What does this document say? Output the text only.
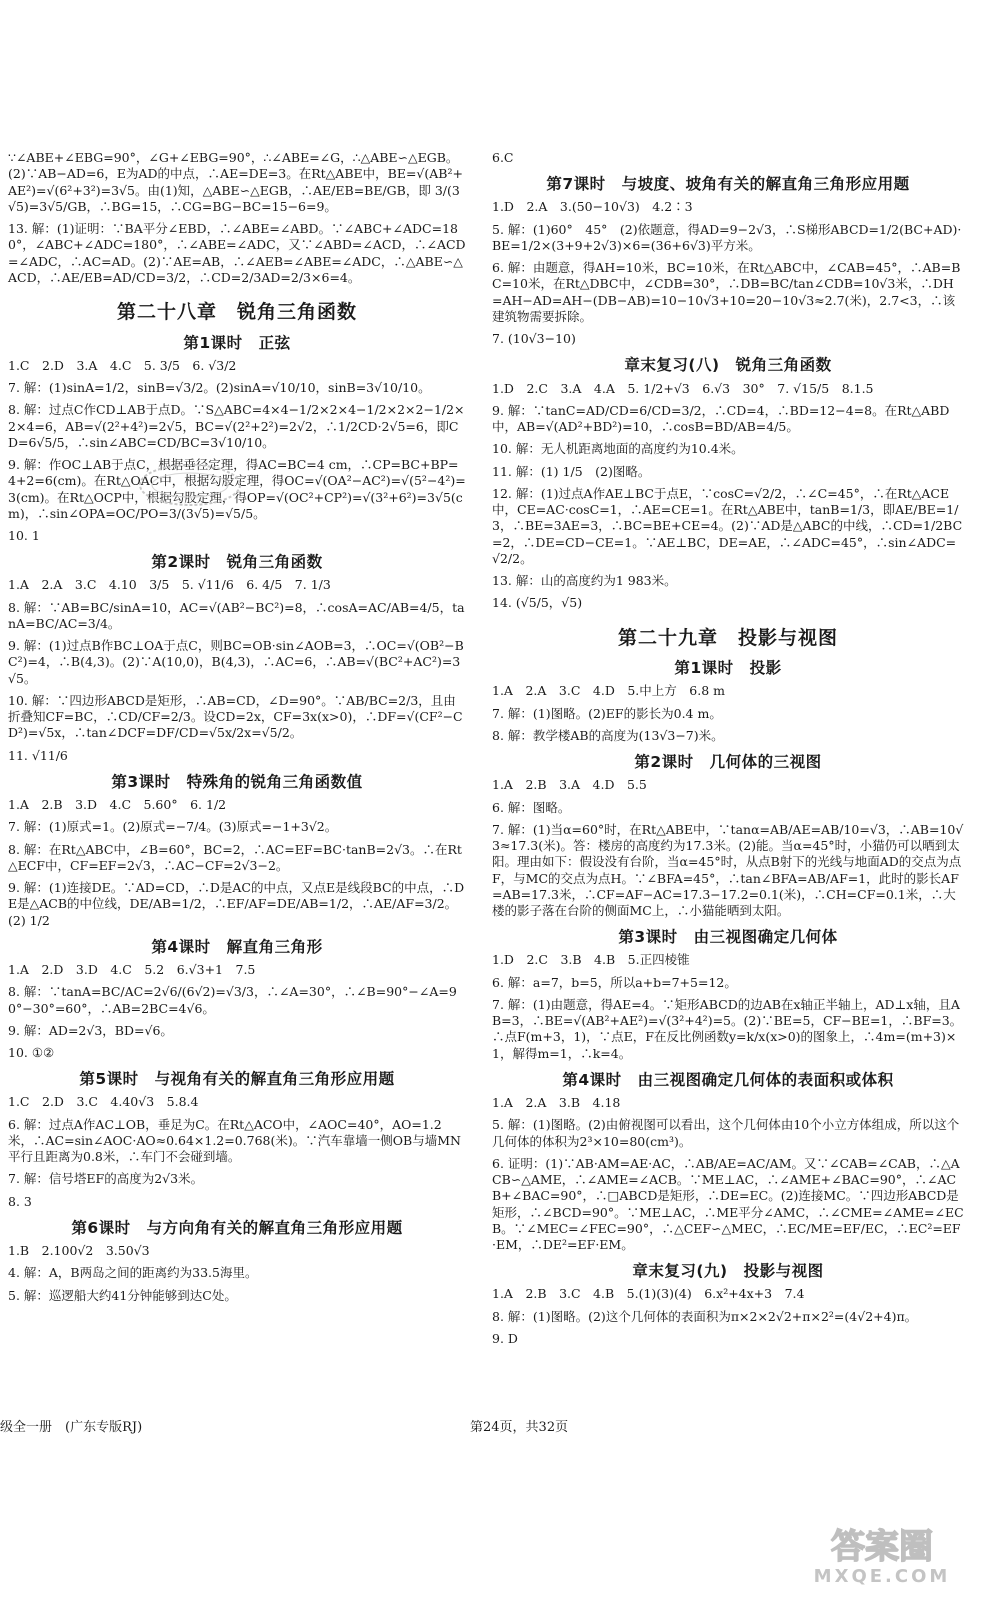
∵∠ABE+∠EBG=90°，∠G+∠EBG=90°，∴∠ABE=∠G，∴△ABE∽△EGB。(2)∵AB−AD=6，E为AD的中点，∴AE=DE=3。在Rt△ABE中，BE=√(AB²+AE²)=√(6²+3²)=3√5。由(1)知，△ABE∽△EGB，∴AE/EB=BE/GB，即 3/(3√5)=3√5/GB，∴BG=15，∴CG=BG−BC=15−6=9。
13. 解：(1)证明：∵BA平分∠EBD，∴∠ABE=∠ABD。∵∠ABC+∠ADC=180°，∠ABC+∠ADC=180°，∴∠ABE=∠ADC，又∵∠ABD=∠ACD，∴∠ACD=∠ADC，∴AC=AD。(2)∵AE=AB，∴∠AEB=∠ABE=∠ADC，∴△ABE∽△ACD，∴AE/EB=AD/CD=3/2，∴CD=2/3AD=2/3×6=4。
第二十八章　锐角三角函数
第1课时　正弦
1.C　2.D　3.A　4.C　5. 3/5　6. √3/2
7. 解：(1)sinA=1/2，sinB=√3/2。(2)sinA=√10/10，sinB=3√10/10。
8. 解：过点C作CD⊥AB于点D。∵S△ABC=4×4−1/2×2×4−1/2×2×2−1/2×2×4=6，AB=√(2²+4²)=2√5，BC=√(2²+2²)=2√2，∴1/2CD·2√5=6，即CD=6√5/5，∴sin∠ABC=CD/BC=3√10/10。
9. 解：作OC⊥AB于点C，根据垂径定理，得AC=BC=4 cm，∴CP=BC+BP=4+2=6(cm)。在Rt△OAC中，根据勾股定理，得OC=√(OA²−AC²)=√(5²−4²)=3(cm)。在Rt△OCP中，根据勾股定理，得OP=√(OC²+CP²)=√(3²+6²)=3√5(cm)，∴sin∠OPA=OC/PO=3/(3√5)=√5/5。
10. 1
第2课时　锐角三角函数
1.A　2.A　3.C　4.10　3/5　5. √11/6　6. 4/5　7. 1/3
8. 解：∵AB=BC/sinA=10，AC=√(AB²−BC²)=8，∴cosA=AC/AB=4/5，tanA=BC/AC=3/4。
9. 解：(1)过点B作BC⊥OA于点C，则BC=OB·sin∠AOB=3，∴OC=√(OB²−BC²)=4，∴B(4,3)。(2)∵A(10,0)，B(4,3)，∴AC=6，∴AB=√(BC²+AC²)=3√5。
10. 解：∵四边形ABCD是矩形，∴AB=CD，∠D=90°。∵AB/BC=2/3，且由折叠知CF=BC，∴CD/CF=2/3。设CD=2x，CF=3x(x>0)，∴DF=√(CF²−CD²)=√5x，∴tan∠DCF=DF/CD=√5x/2x=√5/2。
11. √11/6
第3课时　特殊角的锐角三角函数值
1.A　2.B　3.D　4.C　5.60°　6. 1/2
7. 解：(1)原式=1。(2)原式=−7/4。(3)原式=−1+3√2。
8. 解：在Rt△ABC中，∠B=60°，BC=2，∴AC=EF=BC·tanB=2√3。∴在Rt△ECF中，CF=EF=2√3，∴AC−CF=2√3−2。
9. 解：(1)连接DE。∵AD=CD，∴D是AC的中点，又点E是线段BC的中点，∴DE是△ACB的中位线，DE/AB=1/2，∴EF/AF=DE/AB=1/2，∴AE/AF=3/2。(2) 1/2
第4课时　解直角三角形
1.A　2.D　3.D　4.C　5.2　6.√3+1　7.5
8. 解：∵tanA=BC/AC=2√6/(6√2)=√3/3，∴∠A=30°，∴∠B=90°−∠A=90°−30°=60°，∴AB=2BC=4√6。
9. 解：AD=2√3，BD=√6。
10. ①②
第5课时　与视角有关的解直角三角形应用题
1.C　2.D　3.C　4.40√3　5.8.4
6. 解：过点A作AC⊥OB，垂足为C。在Rt△ACO中，∠AOC=40°，AO=1.2米，∴AC=sin∠AOC·AO≈0.64×1.2=0.768(米)。∵汽车靠墙一侧OB与墙MN平行且距离为0.8米，∴车门不会碰到墙。
7. 解：信号塔EF的高度为2√3米。
8. 3
第6课时　与方向角有关的解直角三角形应用题
1.B　2.100√2　3.50√3
4. 解：A，B两岛之间的距离约为33.5海里。
5. 解：巡逻船大约41分钟能够到达C处。
6.C
第7课时　与坡度、坡角有关的解直角三角形应用题
1.D　2.A　3.(50−10√3)　4.2∶3
5. 解：(1)60°　45°　(2)依题意，得AD=9−2√3，∴S梯形ABCD=1/2(BC+AD)·BE=1/2×(3+9+2√3)×6=(36+6√3)平方米。
6. 解：由题意，得AH=10米，BC=10米，在Rt△ABC中，∠CAB=45°，∴AB=BC=10米，在Rt△DBC中，∠CDB=30°，∴DB=BC/tan∠CDB=10√3米，∴DH=AH−AD=AH−(DB−AB)=10−10√3+10=20−10√3≈2.7(米)，2.7<3，∴该建筑物需要拆除。
7. (10√3−10)
章末复习(八)　锐角三角函数
1.D　2.C　3.A　4.A　5. 1/2+√3　6.√3　30°　7. √15/5　8.1.5
9. 解：∵tanC=AD/CD=6/CD=3/2，∴CD=4，∴BD=12−4=8。在Rt△ABD中，AB=√(AD²+BD²)=10，∴cosB=BD/AB=4/5。
10. 解：无人机距离地面的高度约为10.4米。
11. 解：(1) 1/5　(2)图略。
12. 解：(1)过点A作AE⊥BC于点E，∵cosC=√2/2，∴∠C=45°，∴在Rt△ACE中，CE=AC·cosC=1，∴AE=CE=1。在Rt△ABE中，tanB=1/3，即AE/BE=1/3，∴BE=3AE=3，∴BC=BE+CE=4。(2)∵AD是△ABC的中线，∴CD=1/2BC=2，∴DE=CD−CE=1。∵AE⊥BC，DE=AE，∴∠ADC=45°，∴sin∠ADC=√2/2。
13. 解：山的高度约为1 983米。
14. (√5/5，√5)
第二十九章　投影与视图
第1课时　投影
1.A　2.A　3.C　4.D　5.中上方　6.8 m
7. 解：(1)图略。(2)EF的影长为0.4 m。
8. 解：教学楼AB的高度为(13√3−7)米。
第2课时　几何体的三视图
1.A　2.B　3.A　4.D　5.5
6. 解：图略。
7. 解：(1)当α=60°时，在Rt△ABE中，∵tanα=AB/AE=AB/10=√3，∴AB=10√3≈17.3(米)。答：楼房的高度约为17.3米。(2)能。当α=45°时，小猫仍可以晒到太阳。理由如下：假设没有台阶，当α=45°时，从点B射下的光线与地面AD的交点为点F，与MC的交点为点H。∵∠BFA=45°，∴tan∠BFA=AB/AF=1，此时的影长AF=AB=17.3米，∴CF=AF−AC=17.3−17.2=0.1(米)，∴CH=CF=0.1米，∴大楼的影子落在台阶的侧面MC上，∴小猫能晒到太阳。
第3课时　由三视图确定几何体
1.D　2.C　3.B　4.B　5.正四棱锥
6. 解：a=7，b=5，所以a+b=7+5=12。
7. 解：(1)由题意，得AE=4。∵矩形ABCD的边AB在x轴正半轴上，AD⊥x轴，且AB=3，∴BE=√(AB²+AE²)=√(3²+4²)=5。(2)∵BE=5，CF−BE=1，∴BF=3。∴点F(m+3，1)，∵点E，F在反比例函数y=k/x(x>0)的图象上，∴4m=(m+3)×1，解得m=1，∴k=4。
第4课时　由三视图确定几何体的表面积或体积
1.A　2.A　3.B　4.18
5. 解：(1)图略。(2)由俯视图可以看出，这个几何体由10个小立方体组成，所以这个几何体的体积为2³×10=80(cm³)。
6. 证明：(1)∵AB·AM=AE·AC，∴AB/AE=AC/AM。又∵∠CAB=∠CAB，∴△ACB∽△AME，∴∠AME=∠ACB。∵ME⊥AC，∴∠AME+∠BAC=90°，∴∠ACB+∠BAC=90°，∴□ABCD是矩形，∴DE=EC。(2)连接MC。∵四边形ABCD是矩形，∴∠BCD=90°。∵ME⊥AC，∴ME平分∠AMC，∴∠CME=∠AME=∠ECB。∵∠MEC=∠FEC=90°，∴△CEF∽△MEC，∴EC/ME=EF/EC，∴EC²=EF·EM，∴DE²=EF·EM。
章末复习(九)　投影与视图
1.A　2.B　3.C　4.B　5.(1)(3)(4)　6.x²+4x+3　7.4
8. 解：(1)图略。(2)这个几何体的表面积为π×2×2√2+π×2²=(4√2+4)π。
9. D
级全一册　(广东专版RJ)	第24页，共32页
答案圈
MXQE.COM
